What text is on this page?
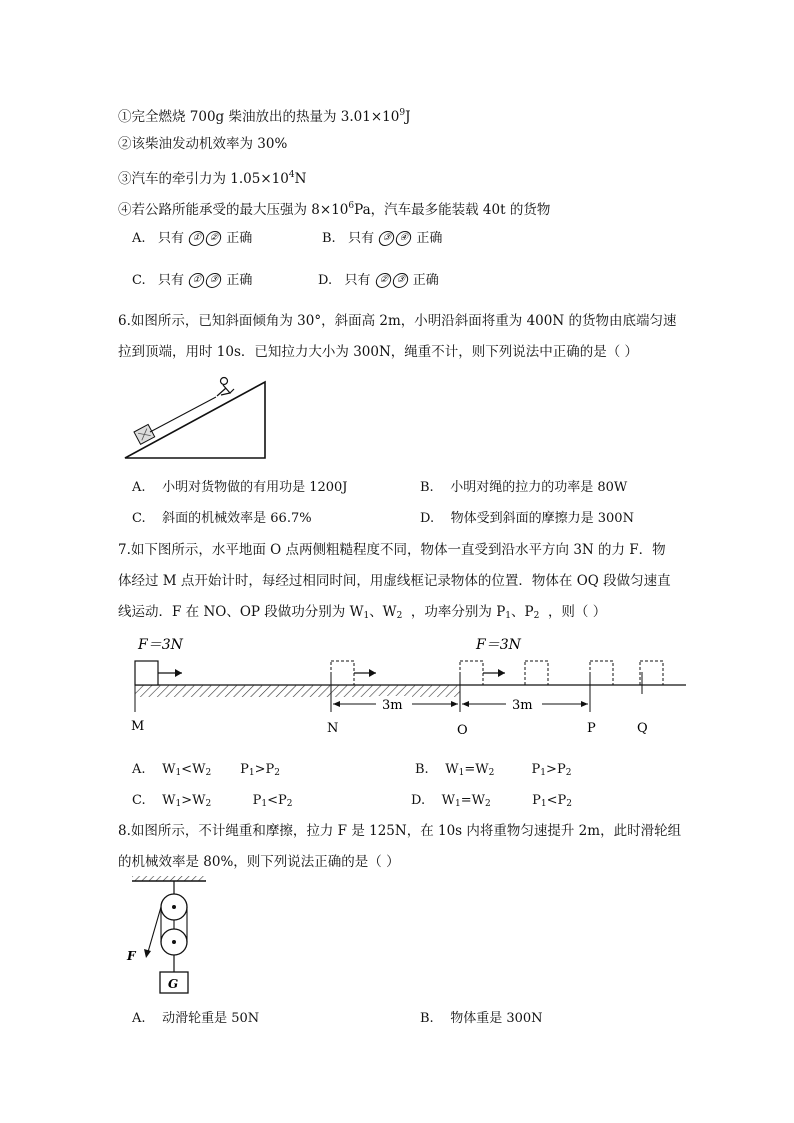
①完全燃烧 700g 柴油放出的热量为 $3.01\times 10^9J$
②该柴油发动机效率为 30%
③汽车的牵引力为 $1.05\times 10^4N$
④若公路所能承受的最大压强为 $8\times 10^6Pa$，汽车最多能装载 40t 的货物
A. 只有 ① ② 正确	B. 只有 ③ ④ 正确
C. 只有 ① ③ 正确	D. 只有 ② ③ 正确
6.如图所示，已知斜面倾角为 30°，斜面高 2m，小明沿斜面将重为 400N 的货物由底端匀速
拉到顶端，用时 10s．已知拉力大小为 300N，绳重不计，则下列说法中正确的是（ ）
A. 小明对货物做的有用功是 1200J	B. 小明对绳的拉力的功率是 80W
C. 斜面的机械效率是 66.7%	D. 物体受到斜面的摩擦力是 300N
7.如下图所示，水平地面 O 点两侧粗糙程度不同，物体一直受到沿水平方向 3N 的力 F．物
体经过 M 点开始计时，每经过相同时间，用虚线框记录物体的位置．物体在 OQ 段做匀速直
线运动．F 在 NO、OP 段做功分别为 $W_1$、$W_2$ ，功率分别为 $P_1$、$P_2$ ，则（ ）
F＝3N	F＝3N
3m	3m
M	N	O	P	Q
A. $W_1<W_2$ $P_1>P_2$	B. $W_1=W_2$	$P_1>P_2$
C. $W_1>W_2$	$P_1<P_2$	D. $W_1=W_2$	$P_1<P_2$
8.如图所示，不计绳重和摩擦，拉力 F 是 125N，在 10s 内将重物匀速提升 2m，此时滑轮组
的机械效率是 80%，则下列说法正确的是（ ）
F
G
A. 动滑轮重是 50N	B. 物体重是 300N
